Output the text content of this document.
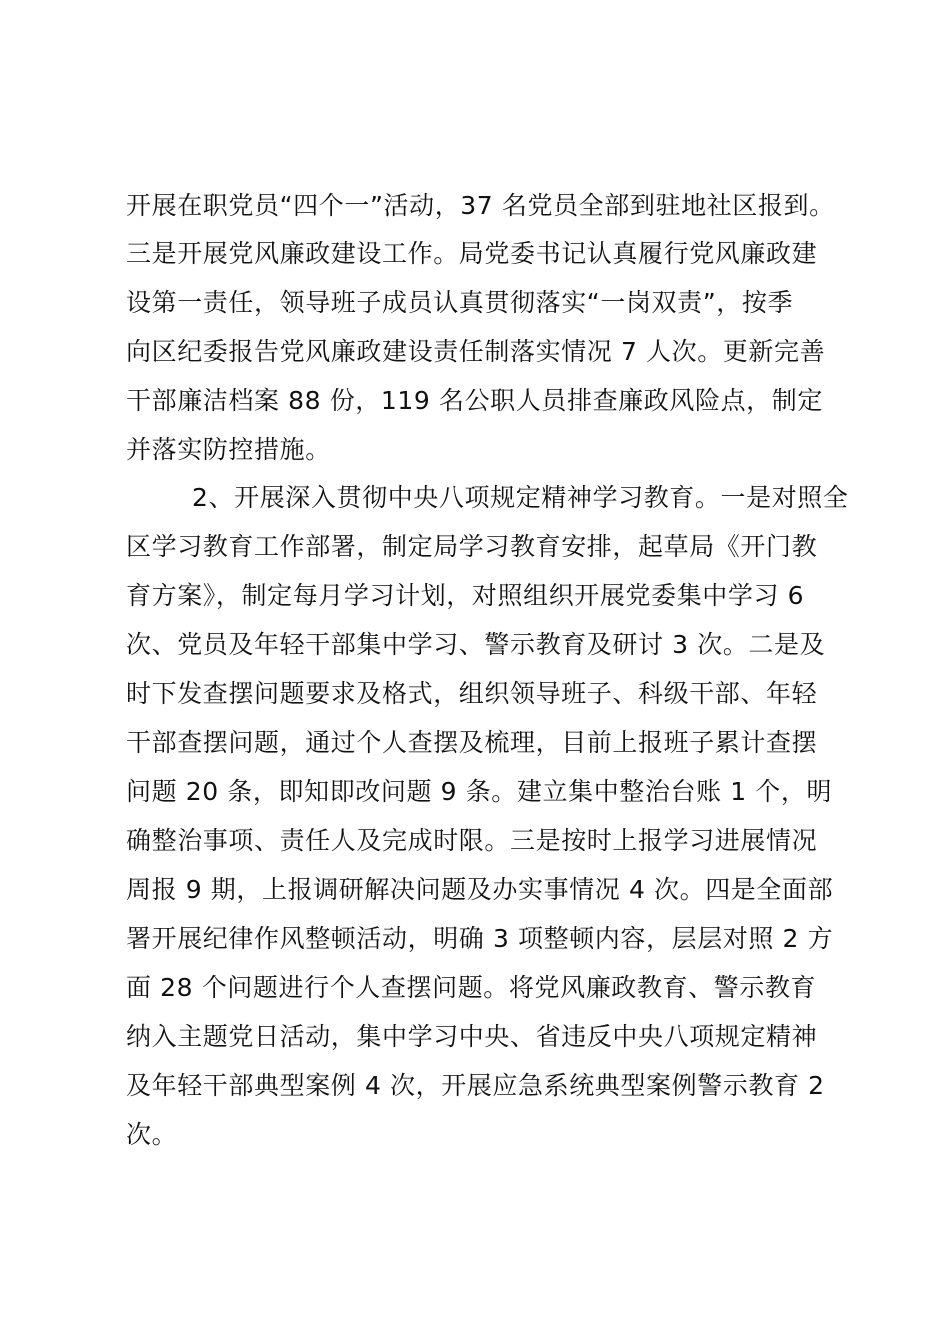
开展在职党员“四个一”活动，37 名党员全部到驻地社区报到。
三是开展党风廉政建设工作。局党委书记认真履行党风廉政建
设第一责任，领导班子成员认真贯彻落实“一岗双责”，按季
向区纪委报告党风廉政建设责任制落实情况 7 人次。更新完善
干部廉洁档案 88 份，119 名公职人员排查廉政风险点，制定
并落实防控措施。
2、开展深入贯彻中央八项规定精神学习教育。一是对照全
区学习教育工作部署，制定局学习教育安排，起草局《开门教
育方案》，制定每月学习计划，对照组织开展党委集中学习 6
次、党员及年轻干部集中学习、警示教育及研讨 3 次。二是及
时下发查摆问题要求及格式，组织领导班子、科级干部、年轻
干部查摆问题，通过个人查摆及梳理，目前上报班子累计查摆
问题 20 条，即知即改问题 9 条。建立集中整治台账 1 个，明
确整治事项、责任人及完成时限。三是按时上报学习进展情况
周报 9 期，上报调研解决问题及办实事情况 4 次。四是全面部
署开展纪律作风整顿活动，明确 3 项整顿内容，层层对照 2 方
面 28 个问题进行个人查摆问题。将党风廉政教育、警示教育
纳入主题党日活动，集中学习中央、省违反中央八项规定精神
及年轻干部典型案例 4 次，开展应急系统典型案例警示教育 2
次。
